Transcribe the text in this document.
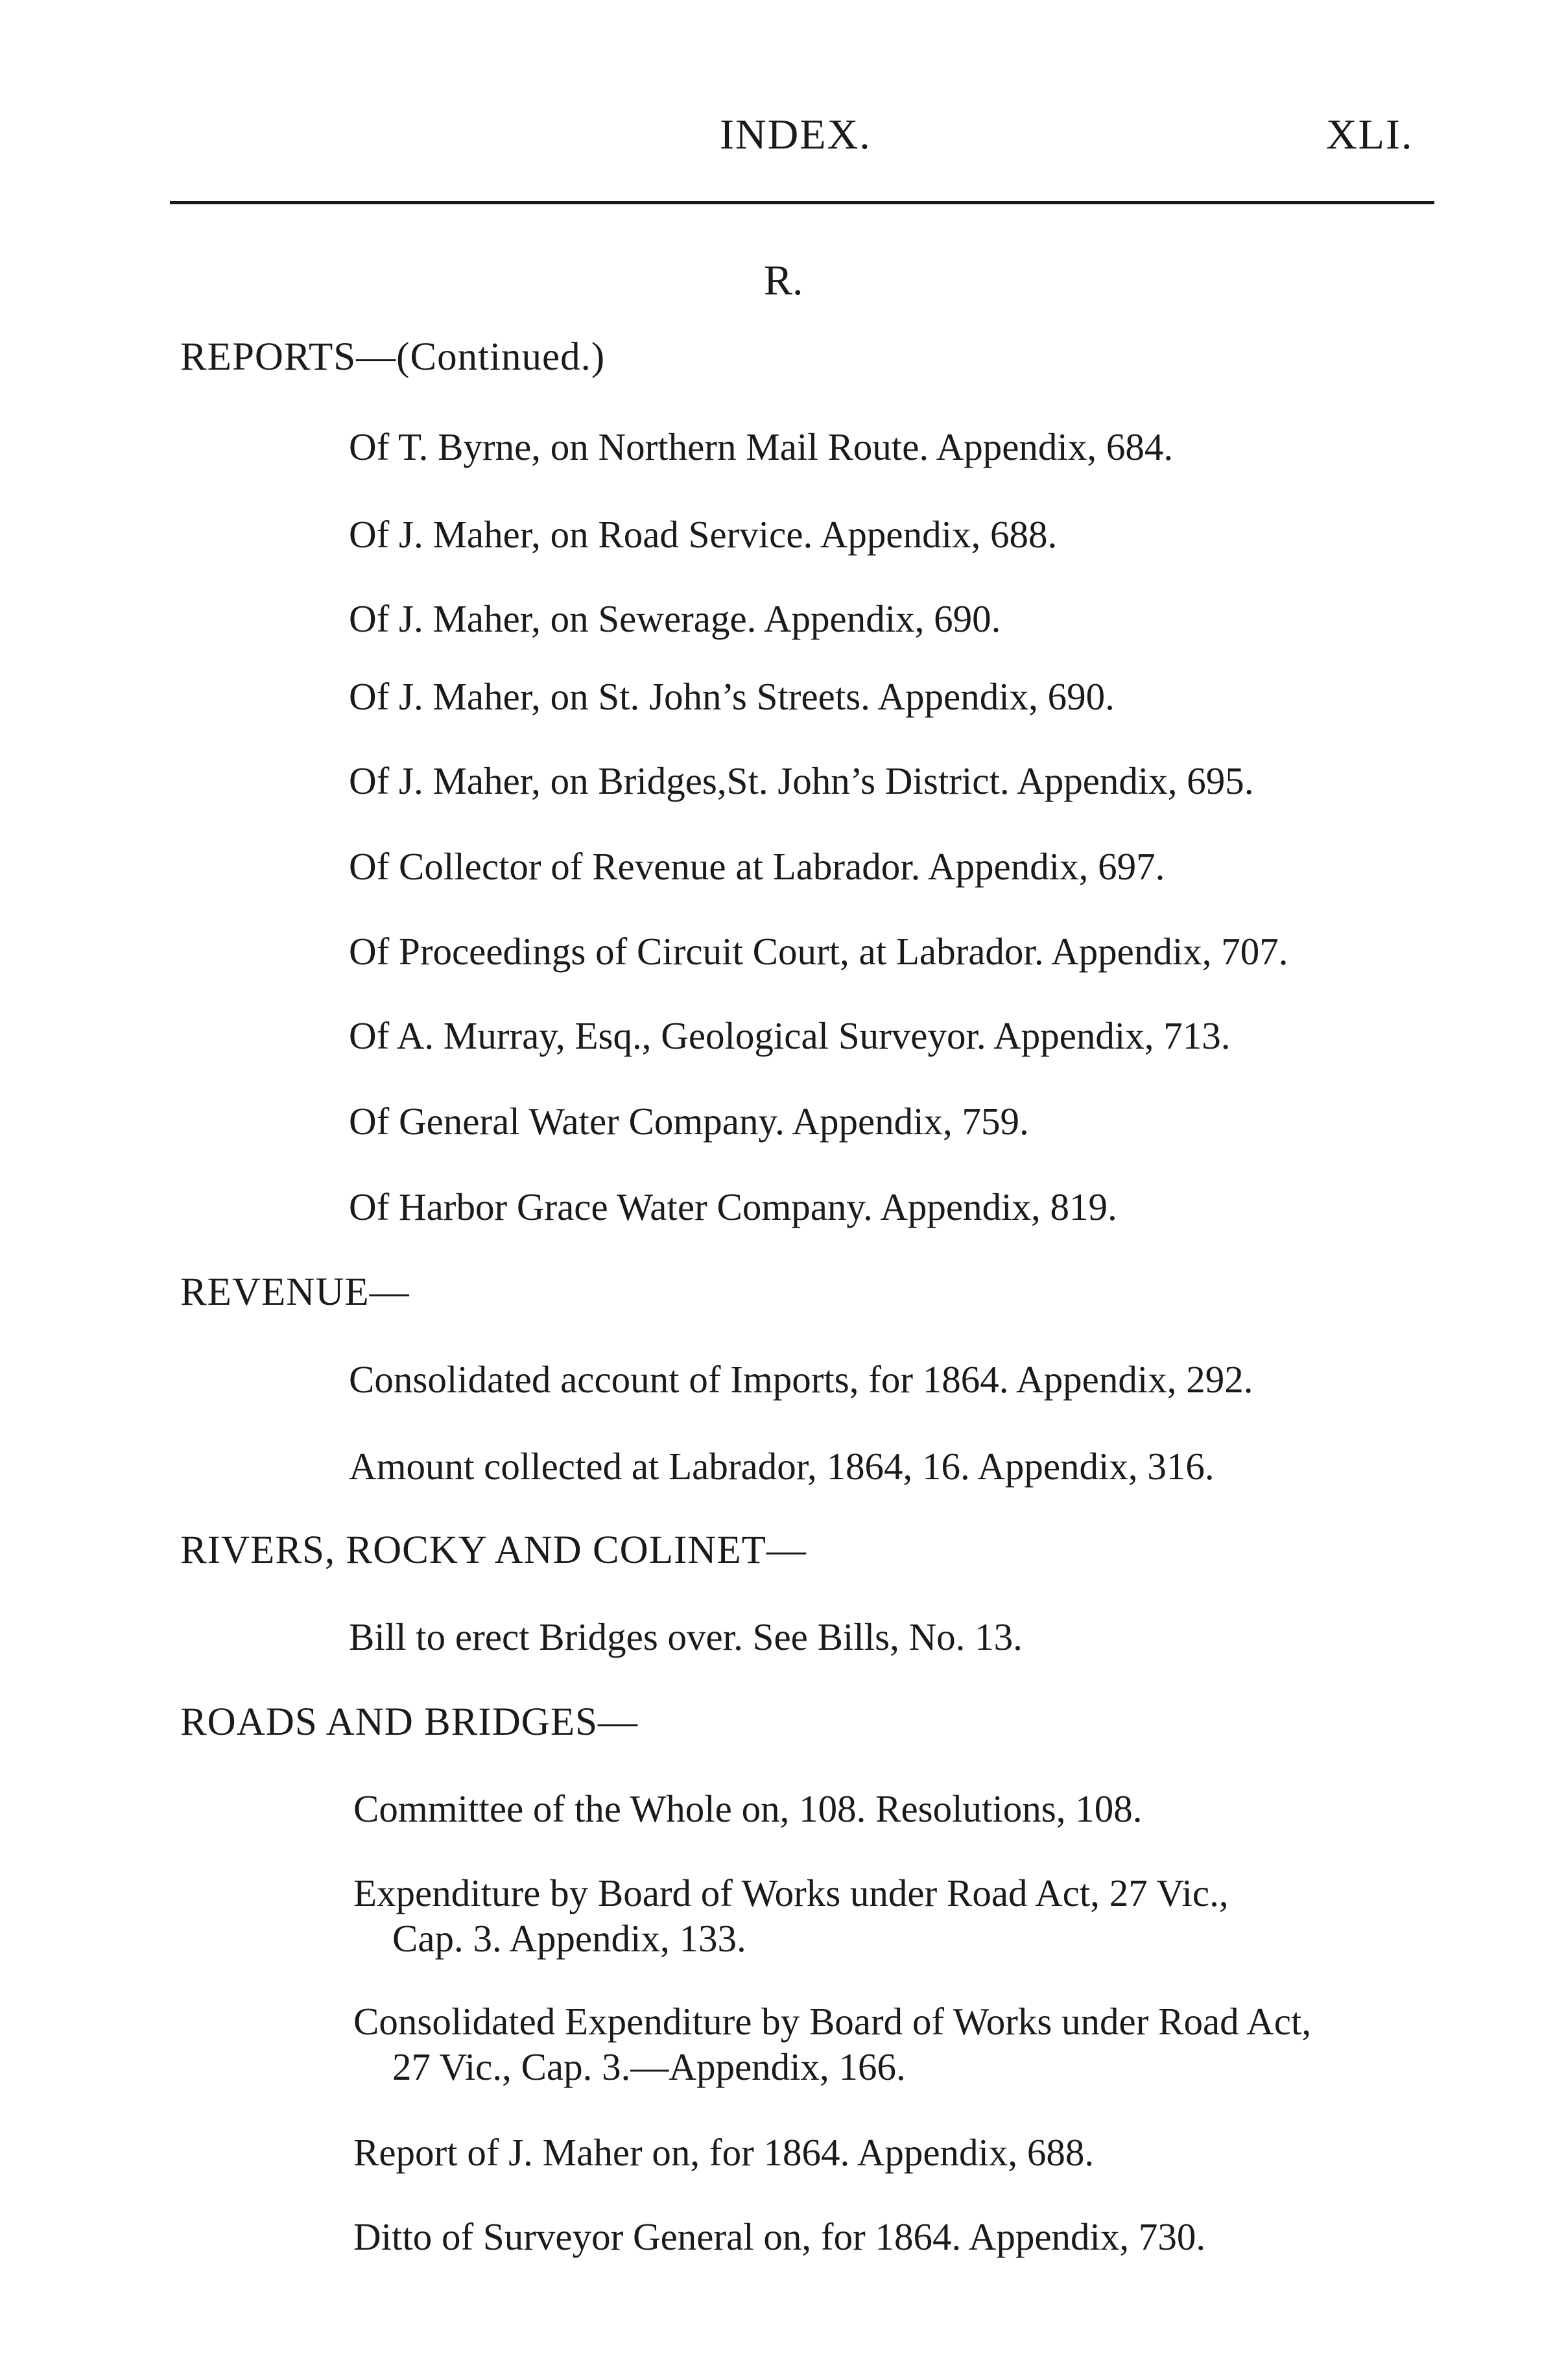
INDEX.	XLI.
R.
REPORTS—(Continued.)
Of T. Byrne, on Northern Mail Route. Appendix, 684.
Of J. Maher, on Road Service. Appendix, 688.
Of J. Maher, on Sewerage. Appendix, 690.
Of J. Maher, on St. John’s Streets. Appendix, 690.
Of J. Maher, on Bridges,St. John’s District. Appendix, 695.
Of Collector of Revenue at Labrador. Appendix, 697.
Of Proceedings of Circuit Court, at Labrador. Appendix, 707.
Of A. Murray, Esq., Geological Surveyor. Appendix, 713.
Of General Water Company. Appendix, 759.
Of Harbor Grace Water Company. Appendix, 819.
REVENUE—
Consolidated account of Imports, for 1864. Appendix, 292.
Amount collected at Labrador, 1864, 16. Appendix, 316.
RIVERS, ROCKY AND COLINET—
Bill to erect Bridges over. See Bills, No. 13.
ROADS AND BRIDGES—
Committee of the Whole on, 108. Resolutions, 108.
Expenditure by Board of Works under Road Act, 27 Vic.,
Cap. 3. Appendix, 133.
Consolidated Expenditure by Board of Works under Road Act,
27 Vic., Cap. 3.—Appendix, 166.
Report of J. Maher on, for 1864. Appendix, 688.
Ditto of Surveyor General on, for 1864. Appendix, 730.
